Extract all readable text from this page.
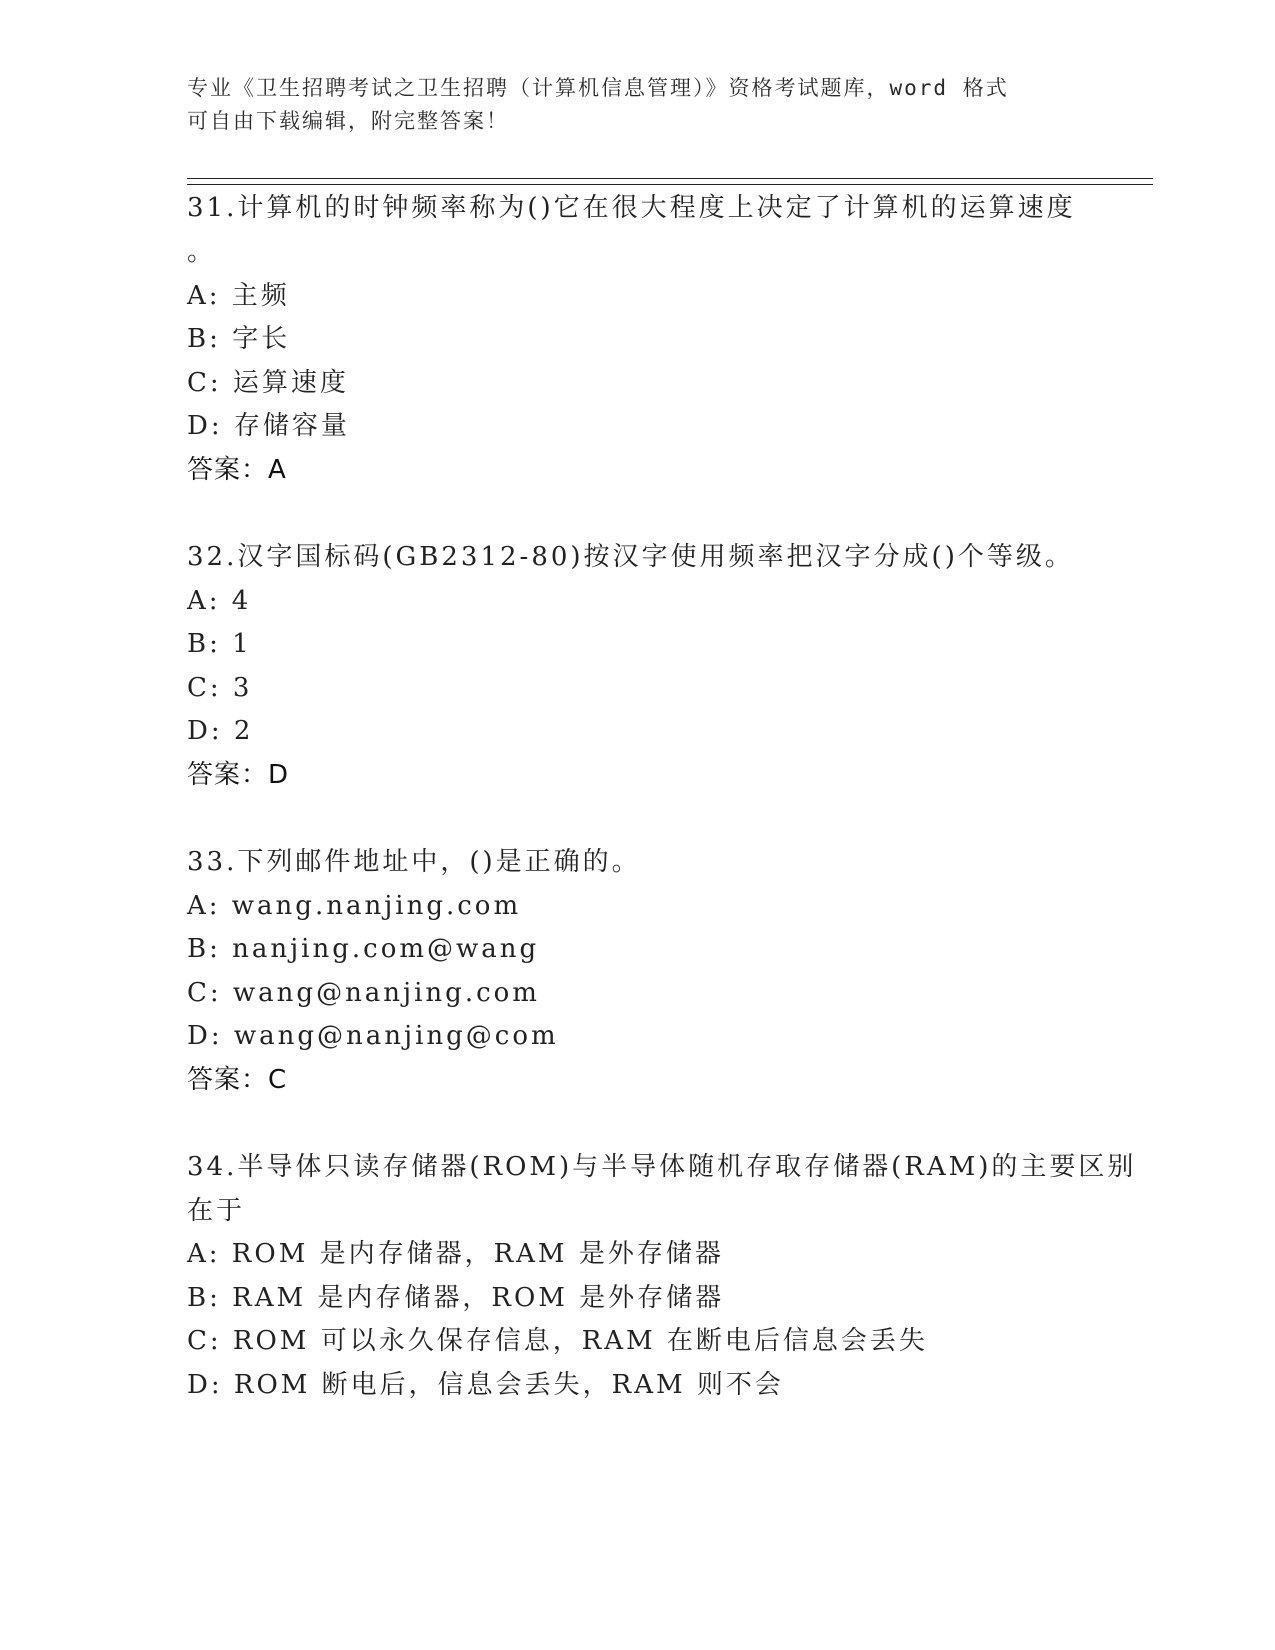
专业《卫生招聘考试之卫生招聘（计算机信息管理）》资格考试题库，word 格式
可自由下载编辑，附完整答案！
31.计算机的时钟频率称为()它在很大程度上决定了计算机的运算速度
。
A: 主频
B: 字长
C: 运算速度
D: 存储容量
答案：A
32.汉字国标码(GB2312-80)按汉字使用频率把汉字分成()个等级。
A: 4
B: 1
C: 3
D: 2
答案：D
33.下列邮件地址中，()是正确的。
A: wang.nanjing.com
B: nanjing.com@wang
C: wang@nanjing.com
D: wang@nanjing@com
答案：C
34.半导体只读存储器(ROM)与半导体随机存取存储器(RAM)的主要区别
在于
A: ROM 是内存储器，RAM 是外存储器
B: RAM 是内存储器，ROM 是外存储器
C: ROM 可以永久保存信息，RAM 在断电后信息会丢失
D: ROM 断电后，信息会丢失，RAM 则不会
